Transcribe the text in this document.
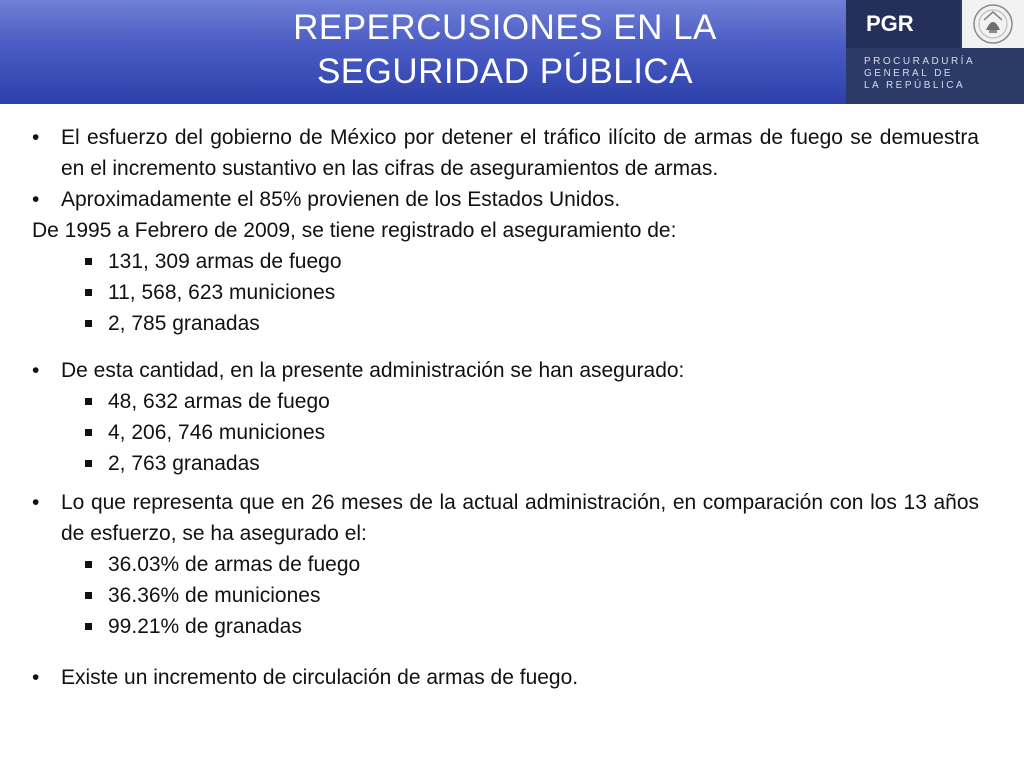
REPERCUSIONES EN LA
SEGURIDAD PÚBLICA
PGR
PROCURADURÍA
GENERAL DE
LA REPÚBLICA
• El esfuerzo del gobierno de México por detener el tráfico ilícito de armas de fuego se demuestra en el incremento sustantivo en las cifras de aseguramientos de armas.
• Aproximadamente el 85% provienen de los Estados Unidos.
De 1995 a Febrero de 2009, se tiene registrado el aseguramiento de:
131, 309 armas de fuego
11, 568, 623 municiones
2, 785 granadas
• De esta cantidad, en la presente administración se han asegurado:
48, 632 armas de fuego
4, 206, 746 municiones
2, 763 granadas
• Lo que representa que en 26 meses de la actual administración, en comparación con los 13 años de esfuerzo, se ha asegurado el:
36.03% de armas de fuego
36.36% de municiones
99.21% de granadas
• Existe un incremento de circulación de armas de fuego.
